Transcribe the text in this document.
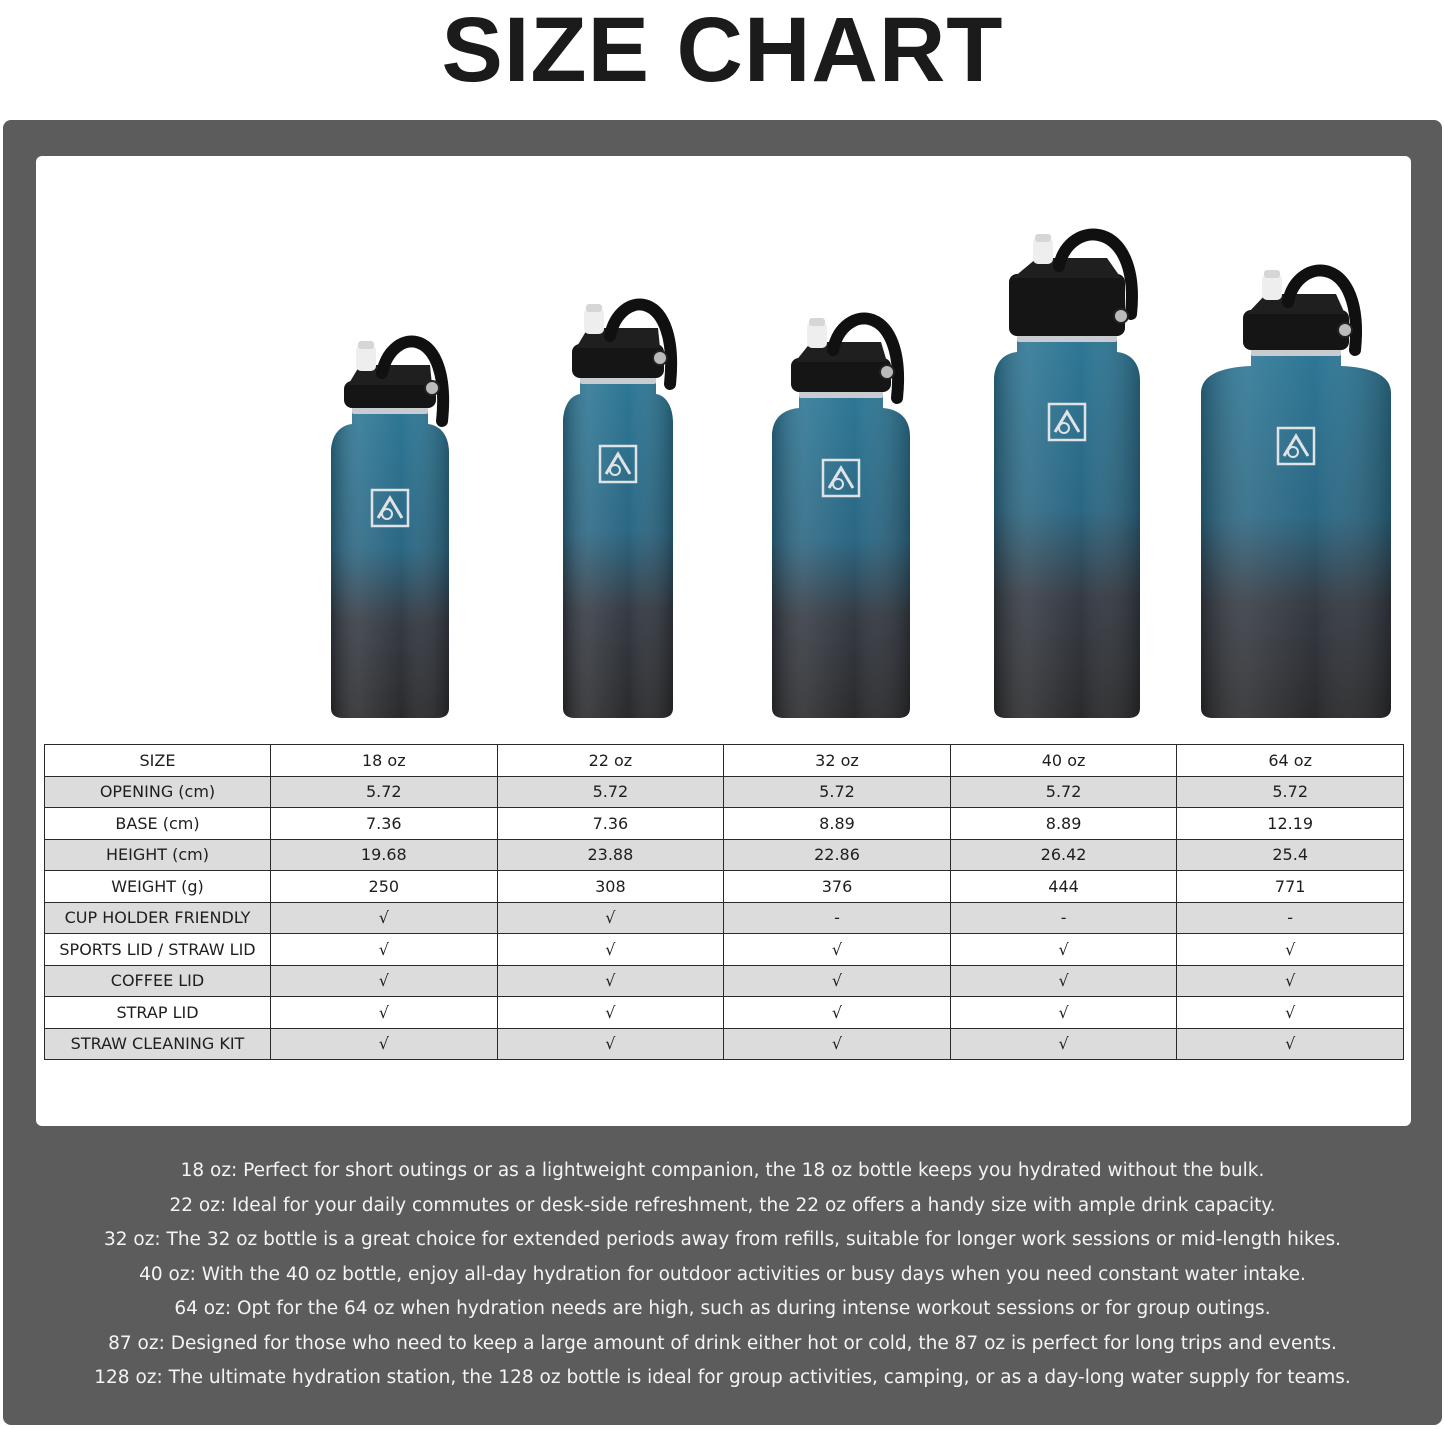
SIZE CHART
SIZE	18 oz	22 oz	32 oz	40 oz	64 oz
OPENING (cm)	5.72	5.72	5.72	5.72	5.72
BASE (cm)	7.36	7.36	8.89	8.89	12.19
HEIGHT (cm)	19.68	23.88	22.86	26.42	25.4
WEIGHT (g)	250	308	376	444	771
CUP HOLDER FRIENDLY	√	√	-	-	-
SPORTS LID / STRAW LID	√	√	√	√	√
COFFEE LID	√	√	√	√	√
STRAP LID	√	√	√	√	√
STRAW CLEANING KIT	√	√	√	√	√

18 oz: Perfect for short outings or as a lightweight companion, the 18 oz bottle keeps you hydrated without the bulk.

22 oz: Ideal for your daily commutes or desk-side refreshment, the 22 oz offers a handy size with ample drink capacity.

32 oz: The 32 oz bottle is a great choice for extended periods away from refills, suitable for longer work sessions or mid-length hikes.

40 oz: With the 40 oz bottle, enjoy all-day hydration for outdoor activities or busy days when you need constant water intake.

64 oz: Opt for the 64 oz when hydration needs are high, such as during intense workout sessions or for group outings.

87 oz: Designed for those who need to keep a large amount of drink either hot or cold, the 87 oz is perfect for long trips and events.

128 oz: The ultimate hydration station, the 128 oz bottle is ideal for group activities, camping, or as a day-long water supply for teams.
